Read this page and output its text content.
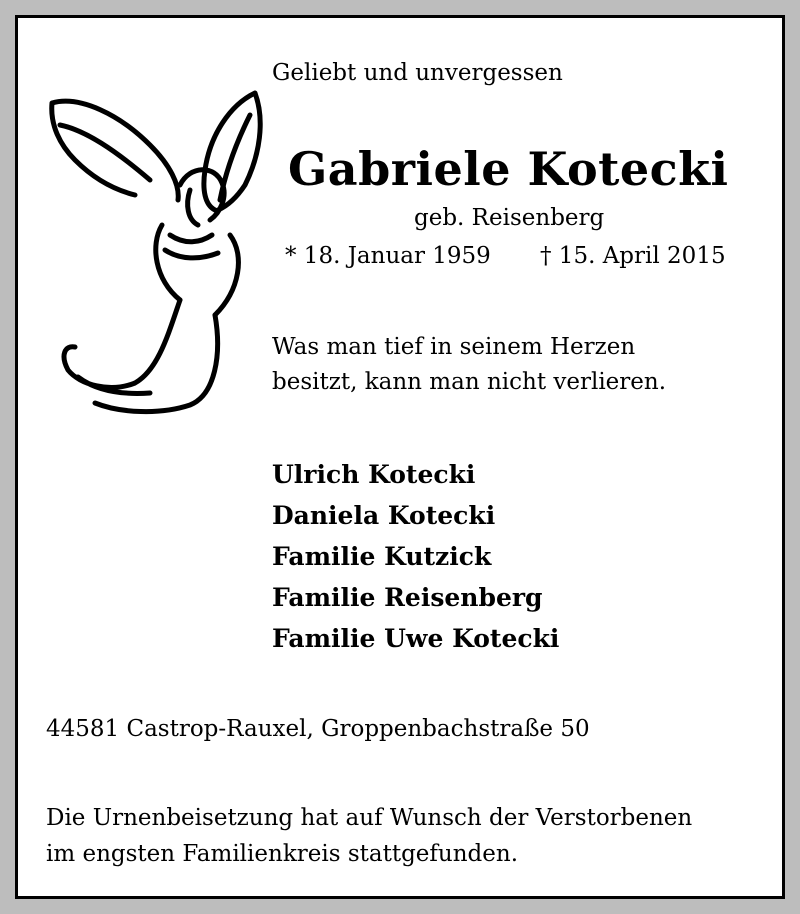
Geliebt und unvergessen

Gabriele Kotecki

geb. Reisenberg

* 18. Januar 1959 † 15. April 2015

Was man tief in seinem Herzen
besitzt, kann man nicht verlieren.
Ulrich Kotecki
Daniela Kotecki
Familie Kutzick
Familie Reisenberg
Familie Uwe Kotecki

44581 Castrop-Rauxel, Groppenbachstraße 50

Die Urnenbeisetzung hat auf Wunsch der Verstorbenen
im engsten Familienkreis stattgefunden.
